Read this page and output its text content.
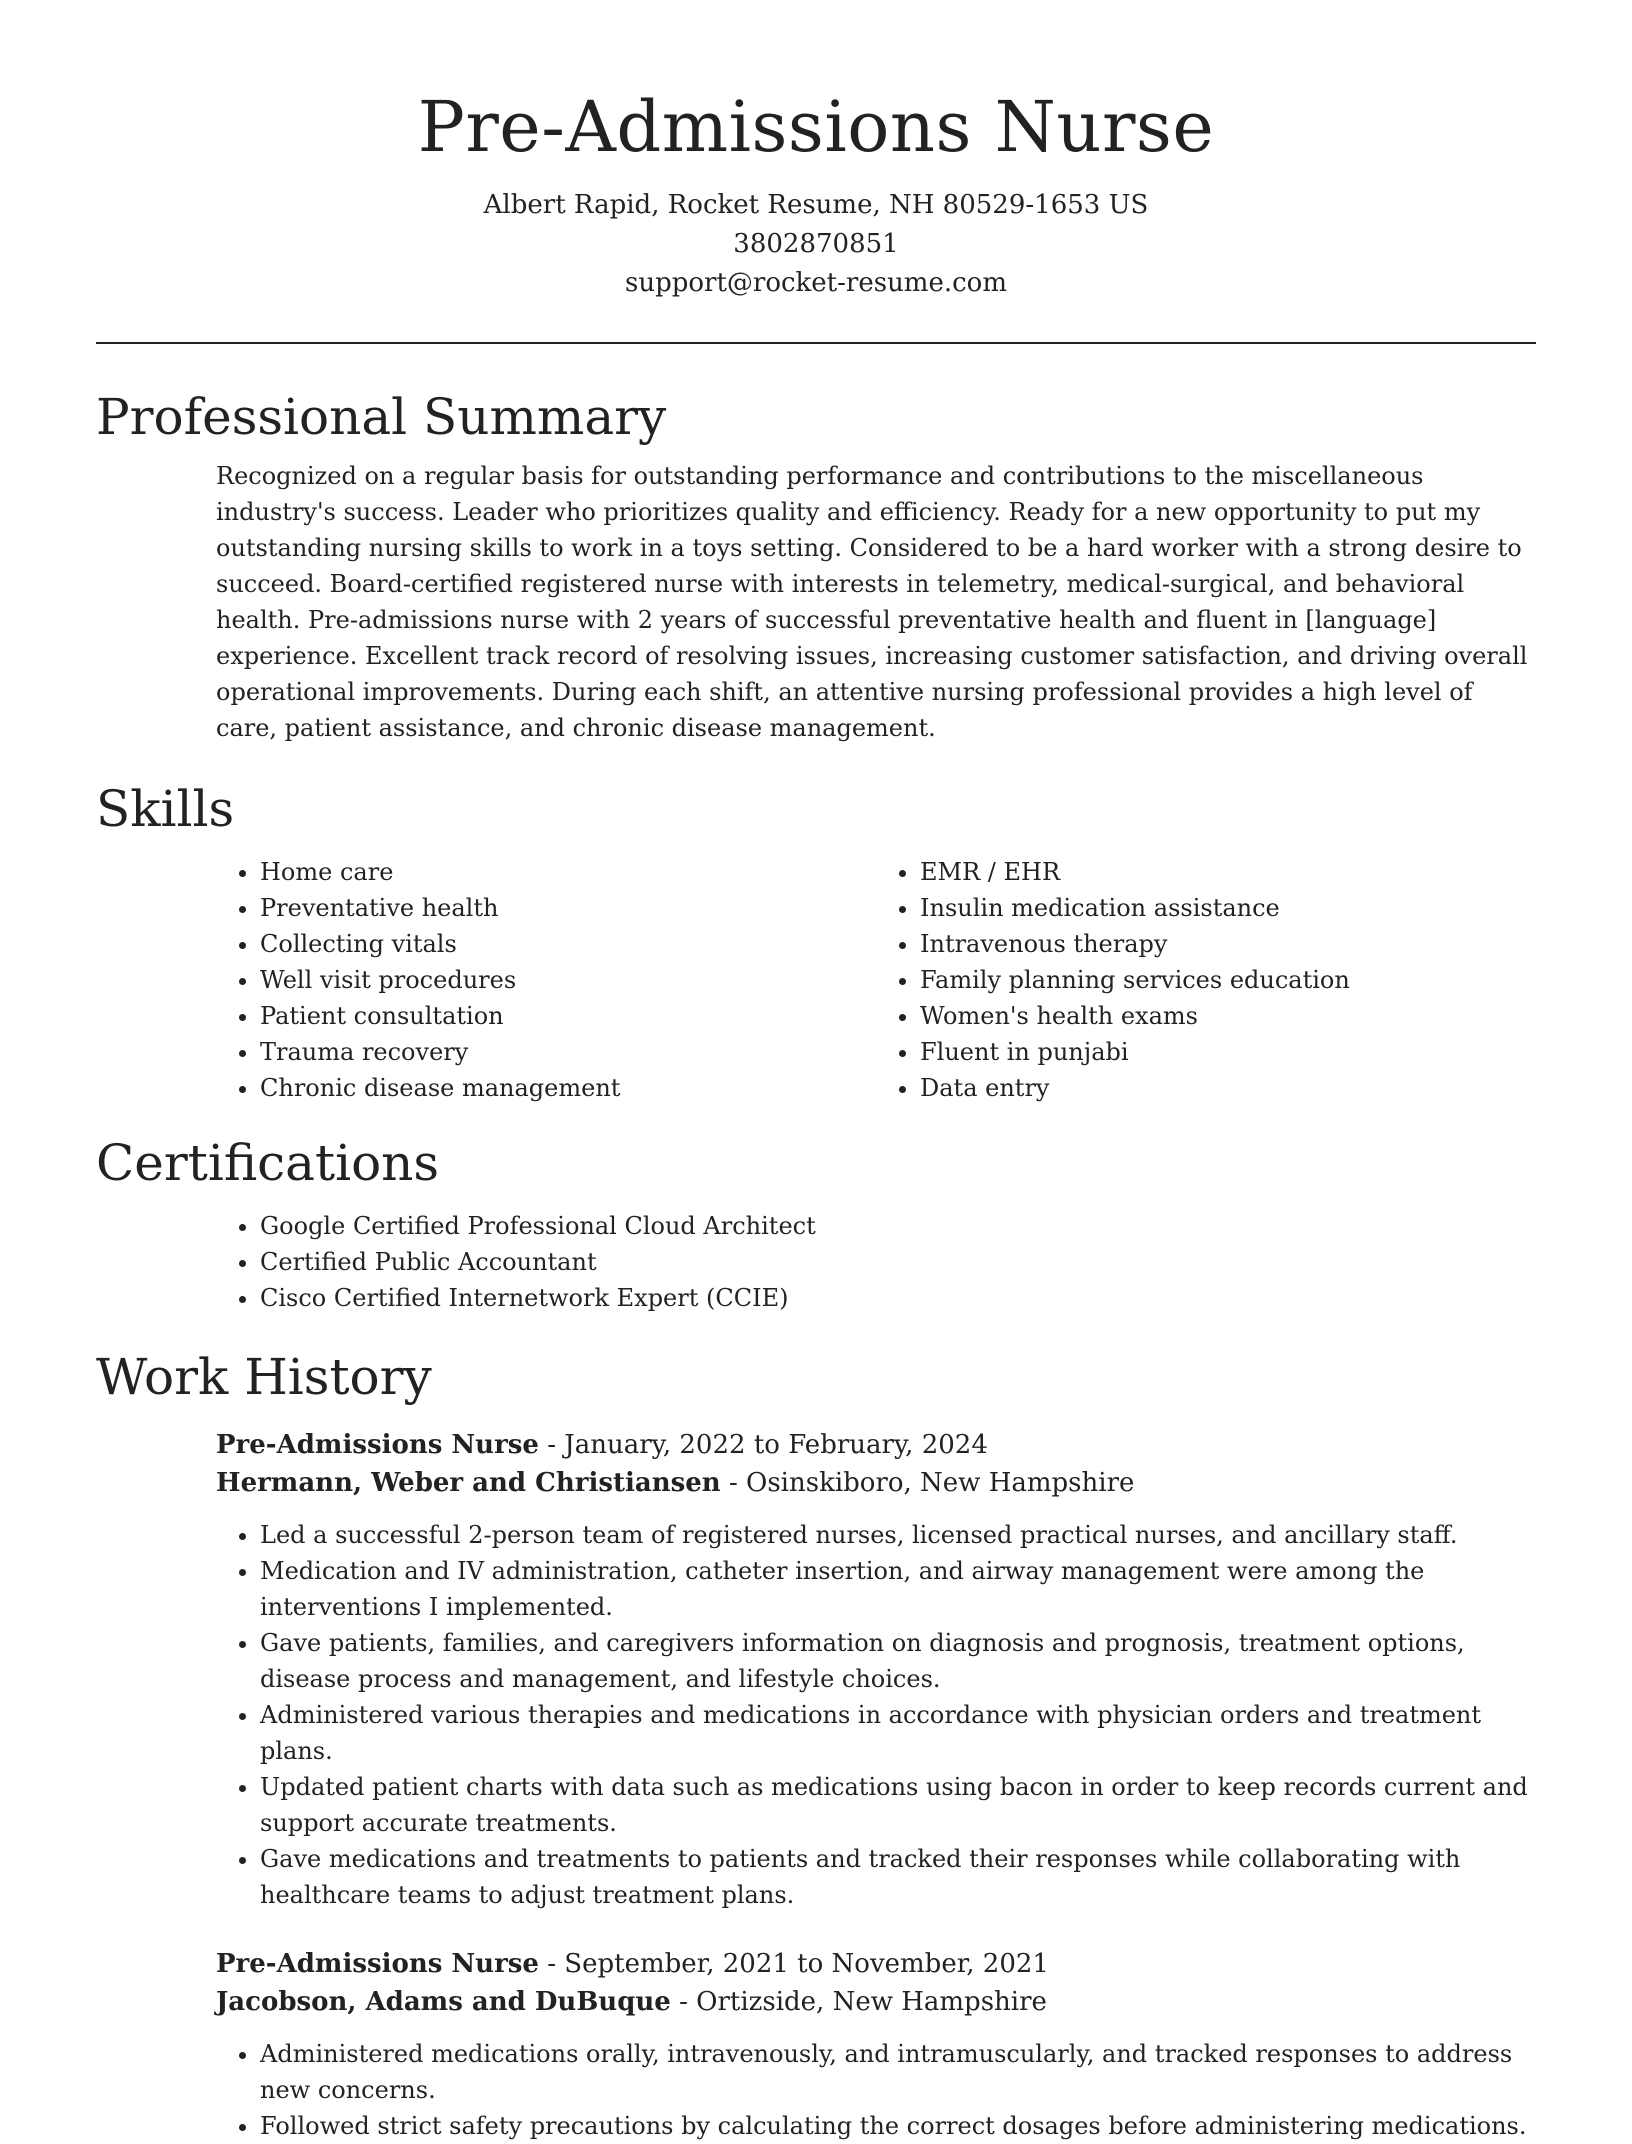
Pre-Admissions Nurse

Albert Rapid, Rocket Resume, NH 80529-1653 US

3802870851

support@rocket-resume.com

Professional Summary

Recognized on a regular basis for outstanding performance and contributions to the miscellaneous industry's success. Leader who prioritizes quality and efficiency. Ready for a new opportunity to put my outstanding nursing skills to work in a toys setting. Considered to be a hard worker with a strong desire to succeed. Board-certified registered nurse with interests in telemetry, medical-surgical, and behavioral health. Pre-admissions nurse with 2 years of successful preventative health and fluent in [language] experience. Excellent track record of resolving issues, increasing customer satisfaction, and driving overall operational improvements. During each shift, an attentive nursing professional provides a high level of care, patient assistance, and chronic disease management.

Skills
• Home care
• Preventative health
• Collecting vitals
• Well visit procedures
• Patient consultation
• Trauma recovery
• Chronic disease management
• EMR / EHR
• Insulin medication assistance
• Intravenous therapy
• Family planning services education
• Women's health exams
• Fluent in punjabi
• Data entry
Certifications
• Google Certified Professional Cloud Architect
• Certified Public Accountant
• Cisco Certified Internetwork Expert (CCIE)
Work History

Pre-Admissions Nurse - January, 2022 to February, 2024

Hermann, Weber and Christiansen - Osinskiboro, New Hampshire

• Led a successful 2-person team of registered nurses, licensed practical nurses, and ancillary staff.
• Medication and IV administration, catheter insertion, and airway management were among the interventions I implemented.
• Gave patients, families, and caregivers information on diagnosis and prognosis, treatment options, disease process and management, and lifestyle choices.
• Administered various therapies and medications in accordance with physician orders and treatment plans.
• Updated patient charts with data such as medications using bacon in order to keep records current and support accurate treatments.
• Gave medications and treatments to patients and tracked their responses while collaborating with healthcare teams to adjust treatment plans.

Pre-Admissions Nurse - September, 2021 to November, 2021

Jacobson, Adams and DuBuque - Ortizside, New Hampshire

• Administered medications orally, intravenously, and intramuscularly, and tracked responses to address new concerns.
• Followed strict safety precautions by calculating the correct dosages before administering medications.
